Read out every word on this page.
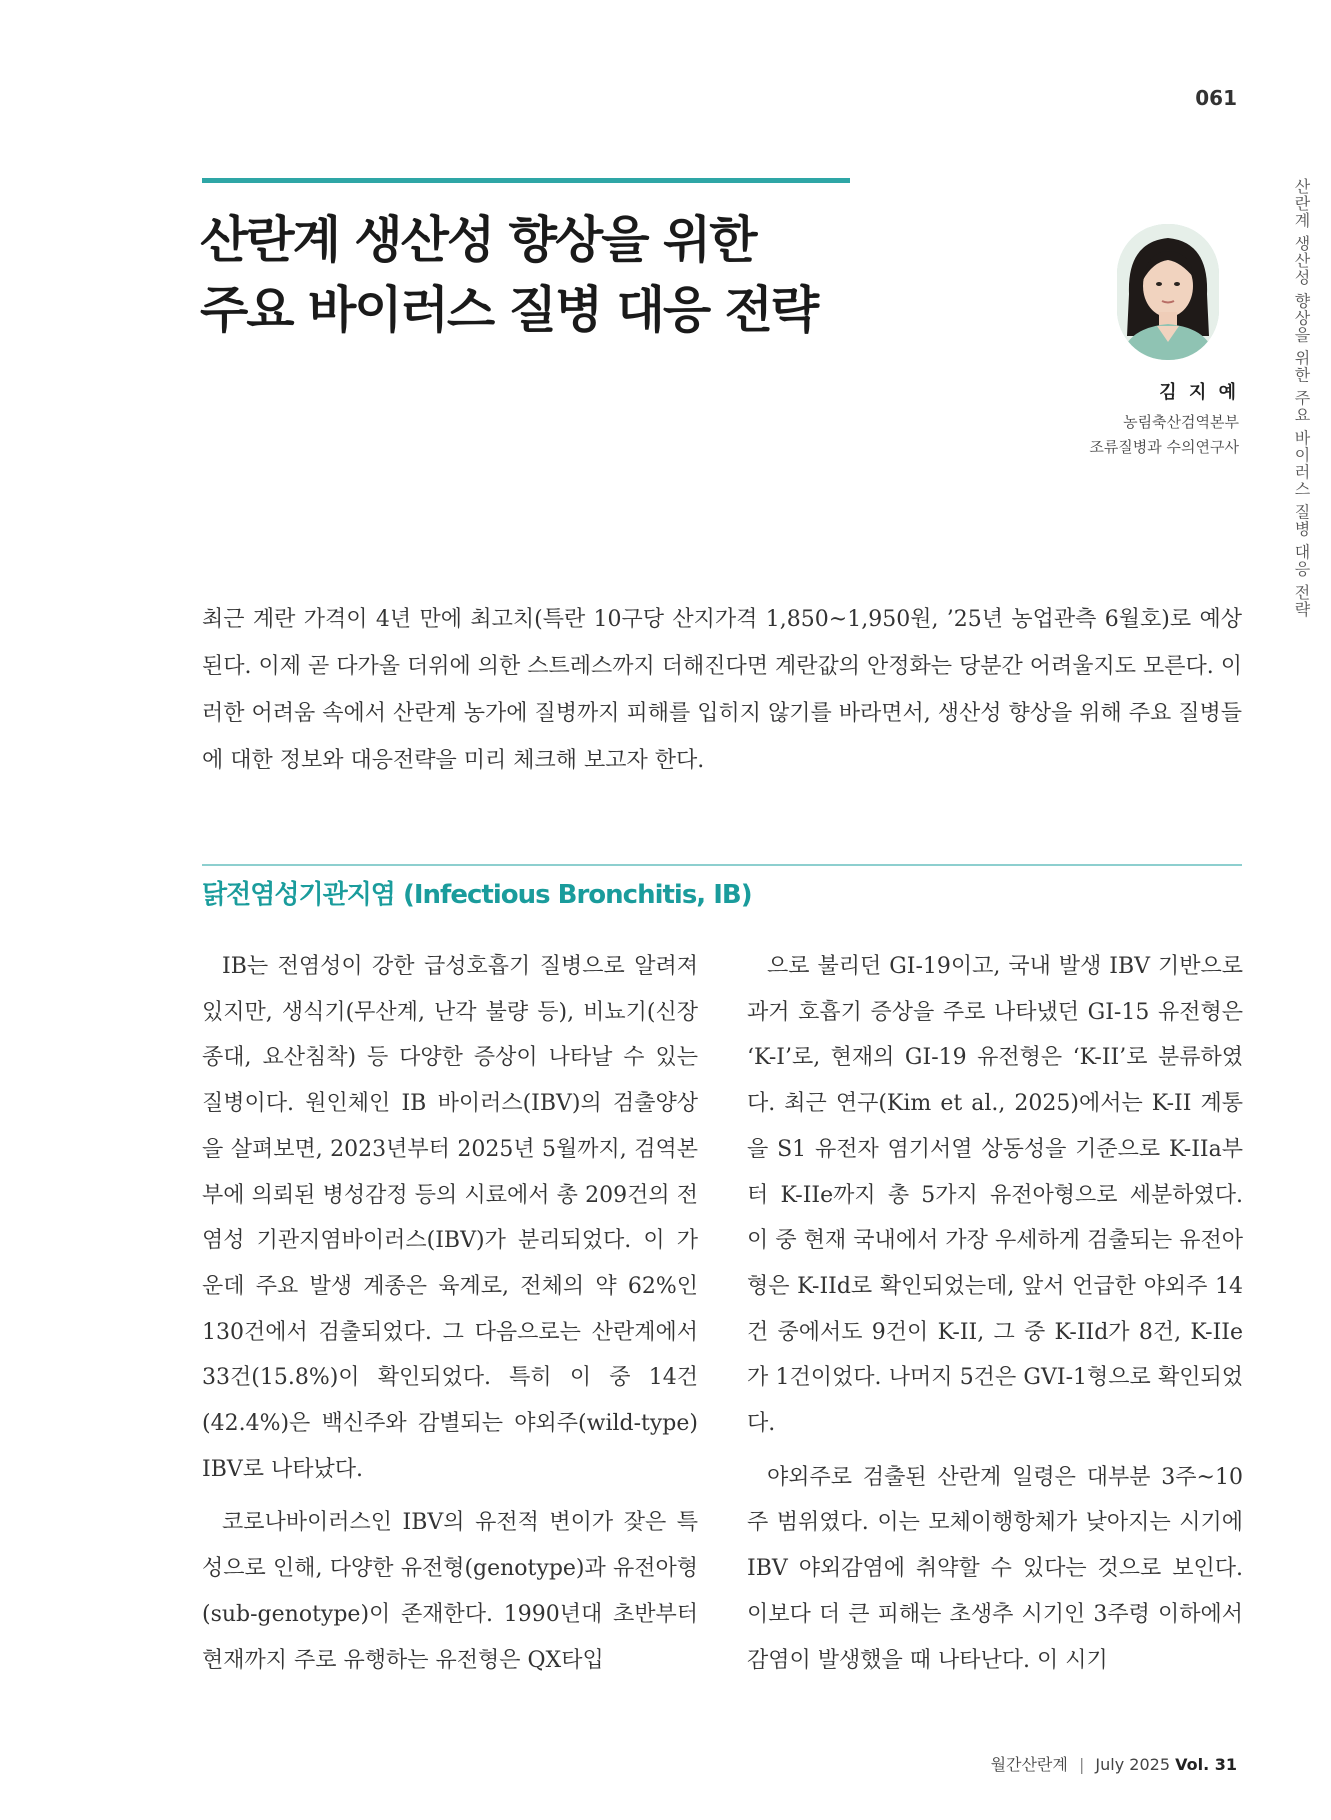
061
산란계 생산성 향상을 위한 주요 바이러스 질병 대응 전략
산란계 생산성 향상을 위한
주요 바이러스 질병 대응 전략
김 지 예
농림축산검역본부
조류질병과 수의연구사

최근 계란 가격이 4년 만에 최고치(특란 10구당 산지가격 1,850~1,950원, ’25년 농업관측 6월호)로 예상된다. 이제 곧 다가올 더위에 의한 스트레스까지 더해진다면 계란값의 안정화는 당분간 어려울지도 모른다. 이러한 어려움 속에서 산란계 농가에 질병까지 피해를 입히지 않기를 바라면서, 생산성 향상을 위해 주요 질병들에 대한 정보와 대응전략을 미리 체크해 보고자 한다.

닭전염성기관지염 (Infectious Bronchitis, IB)

IB는 전염성이 강한 급성호흡기 질병으로 알려져 있지만, 생식기(무산계, 난각 불량 등), 비뇨기(신장종대, 요산침착) 등 다양한 증상이 나타날 수 있는 질병이다. 원인체인 IB 바이러스(IBV)의 검출양상을 살펴보면, 2023년부터 2025년 5월까지, 검역본부에 의뢰된 병성감정 등의 시료에서 총 209건의 전염성 기관지염바이러스(IBV)가 분리되었다. 이 가운데 주요 발생 계종은 육계로, 전체의 약 62%인 130건에서 검출되었다. 그 다음으로는 산란계에서 33건(15.8%)이 확인되었다. 특히 이 중 14건(42.4%)은 백신주와 감별되는 야외주(wild-type) IBV로 나타났다.

코로나바이러스인 IBV의 유전적 변이가 잦은 특성으로 인해, 다양한 유전형(genotype)과 유전아형(sub-genotype)이 존재한다. 1990년대 초반부터 현재까지 주로 유행하는 유전형은 QX타입

으로 불리던 GI-19이고, 국내 발생 IBV 기반으로 과거 호흡기 증상을 주로 나타냈던 GI-15 유전형은 ‘K-I’로, 현재의 GI-19 유전형은 ‘K-II’로 분류하였다. 최근 연구(Kim et al., 2025)에서는 K-II 계통을 S1 유전자 염기서열 상동성을 기준으로 K-IIa부터 K-IIe까지 총 5가지 유전아형으로 세분하였다. 이 중 현재 국내에서 가장 우세하게 검출되는 유전아형은 K-IId로 확인되었는데, 앞서 언급한 야외주 14건 중에서도 9건이 K-II, 그 중 K-IId가 8건, K-IIe가 1건이었다. 나머지 5건은 GVI-1형으로 확인되었다.

야외주로 검출된 산란계 일령은 대부분 3주~10주 범위였다. 이는 모체이행항체가 낮아지는 시기에 IBV 야외감염에 취약할 수 있다는 것으로 보인다. 이보다 더 큰 피해는 초생추 시기인 3주령 이하에서 감염이 발생했을 때 나타난다. 이 시기

월간산란계 | July 2025 Vol. 31
